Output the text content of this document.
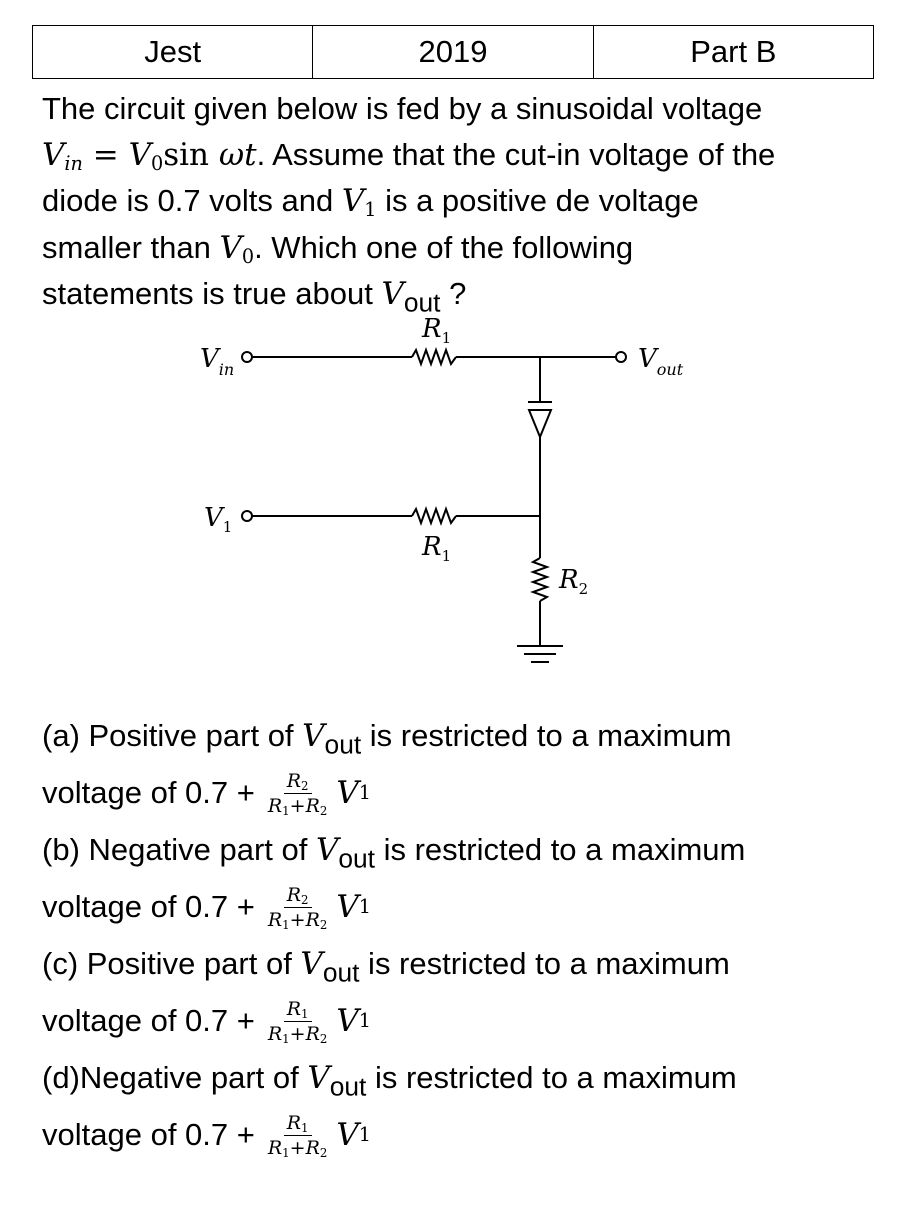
Jest	2019	Part B
The circuit given below is fed by a sinusoidal voltage
$V_{in} = V_0\sin$ ωt. Assume that the cut-in voltage of the
diode is 0.7 volts and $V_1$ is a positive de voltage
smaller than $V_0$. Which one of the following
statements is true about $V_{out}$ ?
$V_{in}$	$V_{out}$
$V_1$
$R_1$
$R_1$
$R_2$
(a) Positive part of $V_{out}$ is restricted to a maximum
voltage of $0.7 + \frac{R_2}{R_1+R_2}$ V 1
(b) Negative part of $V_{out}$ is restricted to a maximum
voltage of $0.7 + \frac{R_2}{R_1+R_2}$ V 1
(c) Positive part of $V_{out}$ is restricted to a maximum
voltage of $0.7 + \frac{R_1}{R_1+R_2}$ V 1
(d)Negative part of $V_{out}$ is restricted to a maximum
voltage of $0.7 + \frac{R_1}{R_1+R_2}$ V 1
